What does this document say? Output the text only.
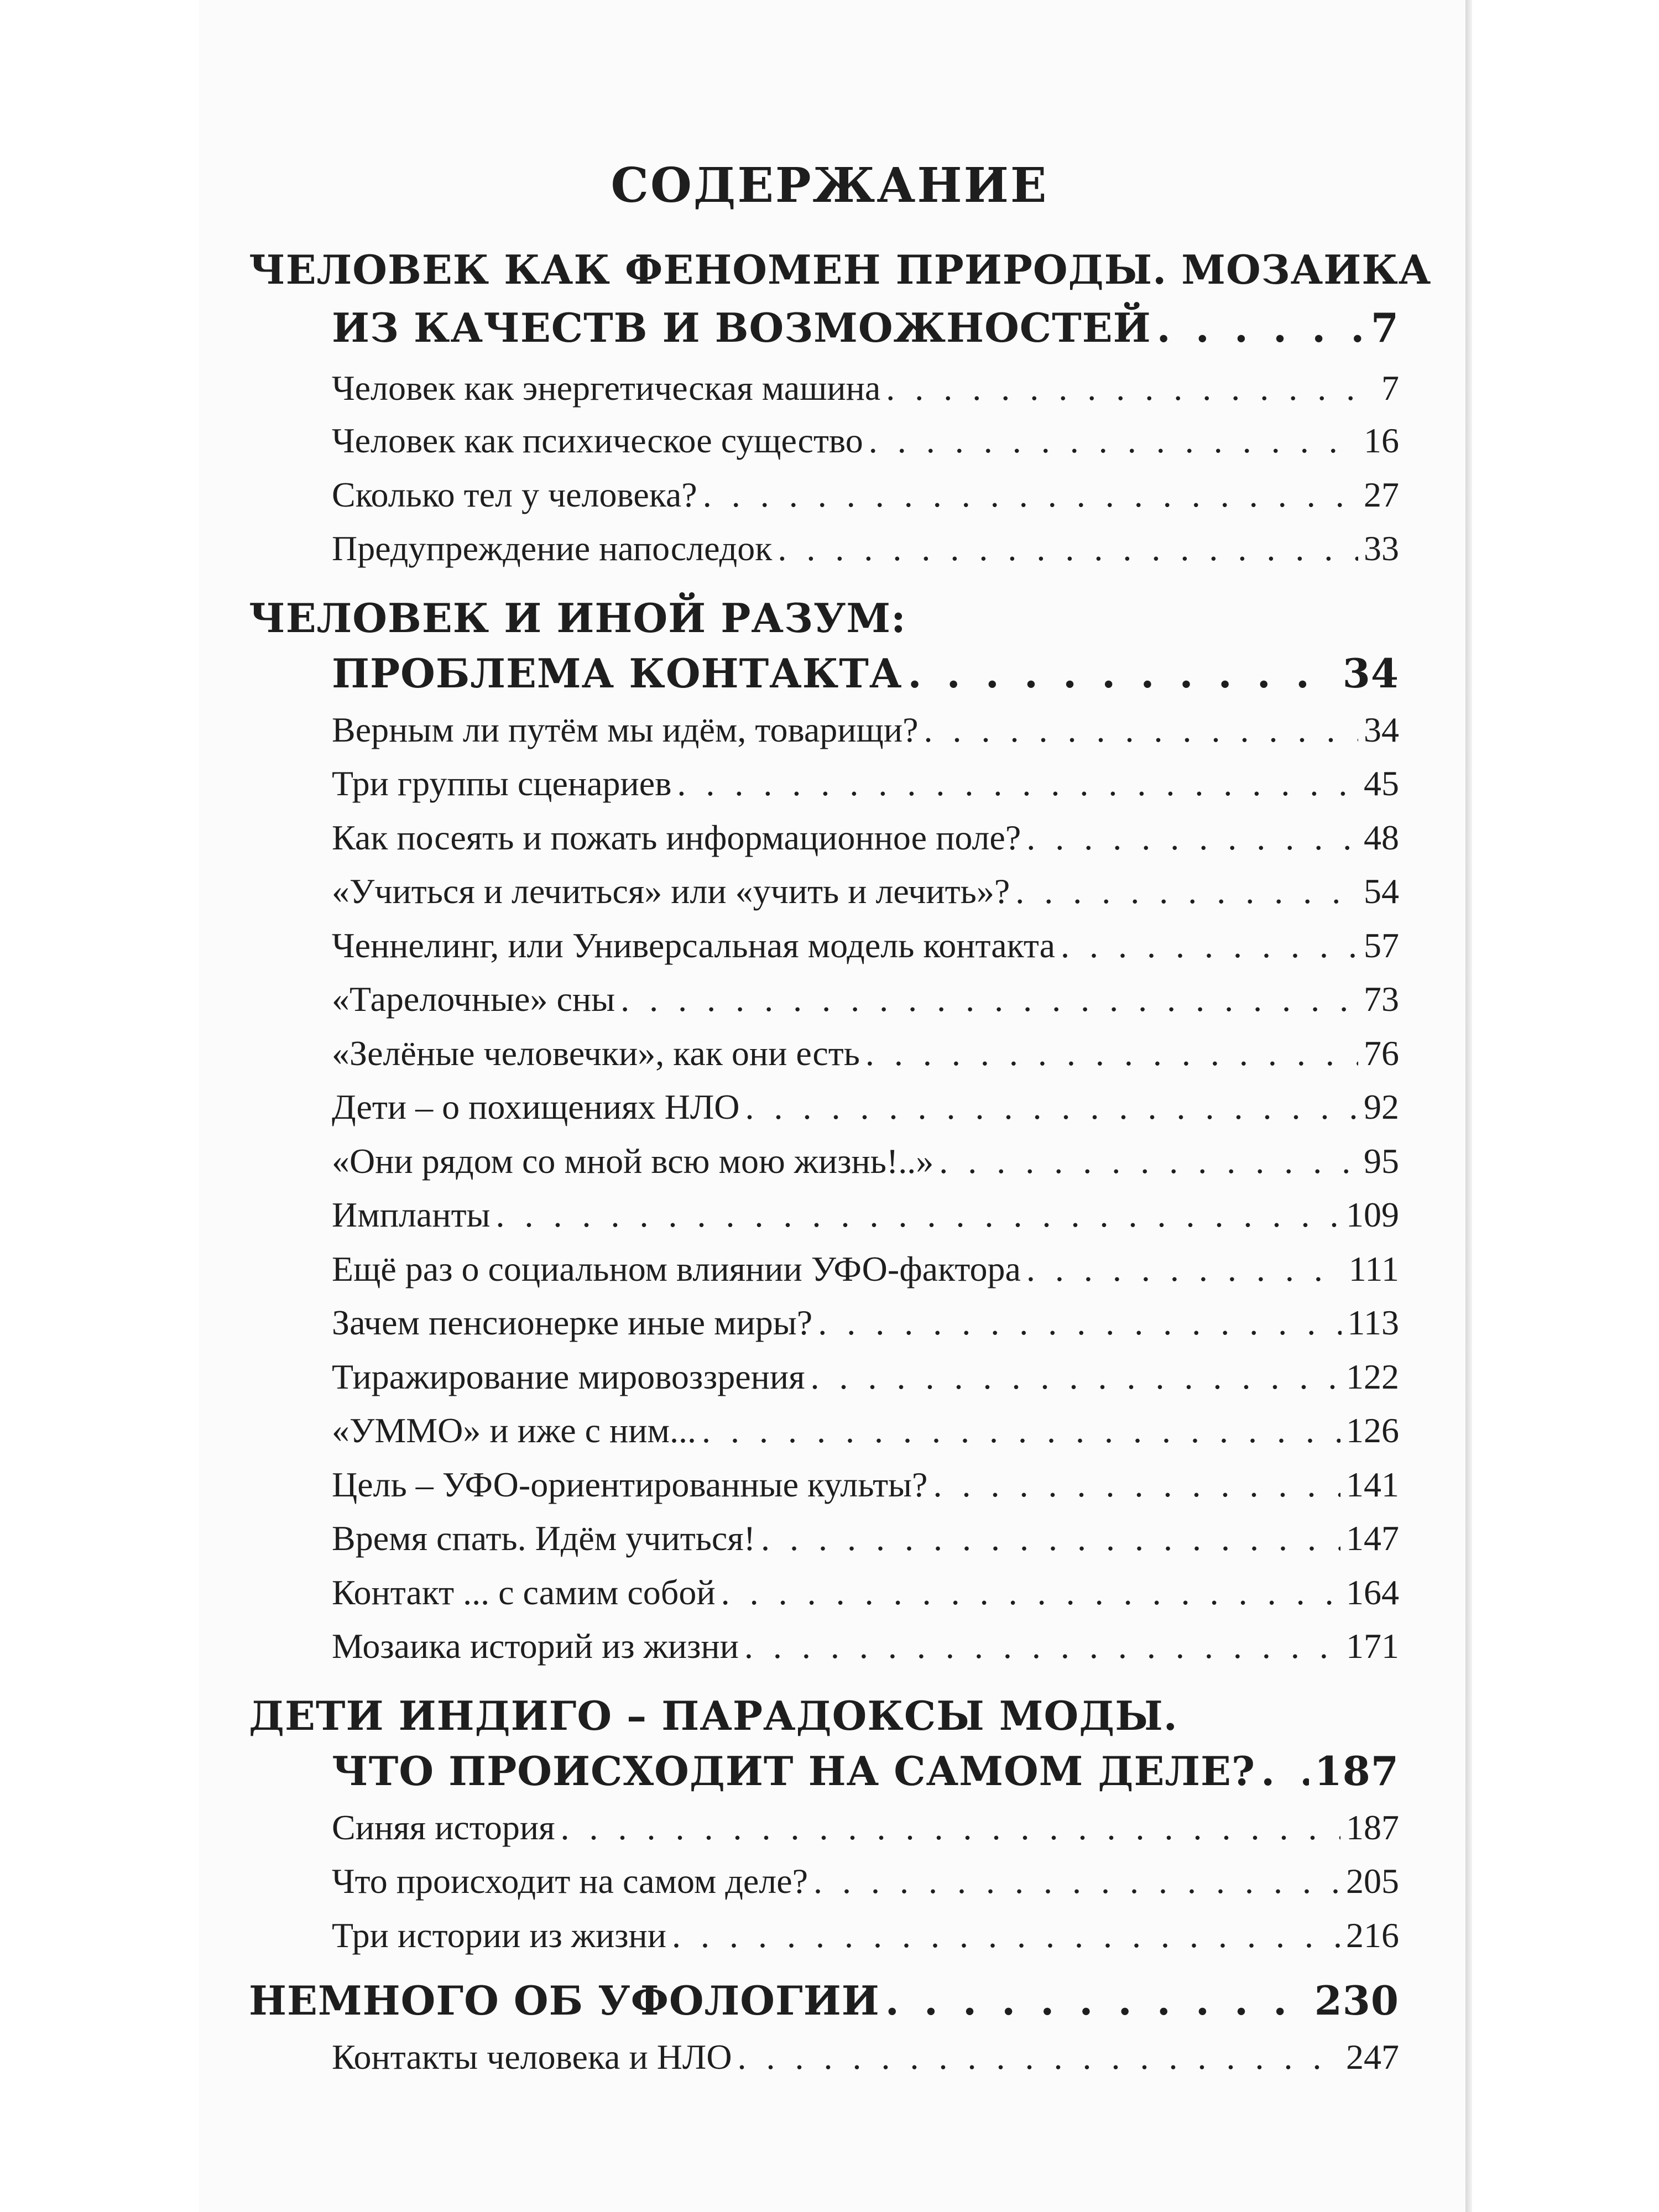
СОДЕРЖАНИЕ
ЧЕЛОВЕК КАК ФЕНОМЕН ПРИРОДЫ. МОЗАИКА
ИЗ КАЧЕСТВ И ВОЗМОЖНОСТЕЙ . . .	7
Человек как энергетическая машина . . .	7
Человек как психическое существо . . .	16
Сколько тел у человека? . . .	27
Предупреждение напоследок . . .	33
ЧЕЛОВЕК И ИНОЙ РАЗУМ:
ПРОБЛЕМА КОНТАКТА . . .	34
Верным ли путём мы идём, товарищи? . . .	34
Три группы сценариев . . .	45
Как посеять и пожать информационное поле? . . .	48
«Учиться и лечиться» или «учить и лечить»? . . .	54
Ченнелинг, или Универсальная модель контакта . . .	57
«Тарелочные» сны . . .	73
«Зелёные человечки», как они есть . . .	76
Дети – о похищениях НЛО . . .	92
«Они рядом со мной всю мою жизнь!..» . . .	95
Импланты . . .	109
Ещё раз о социальном влиянии УФО-фактора . . .	111
Зачем пенсионерке иные миры? . . .	113
Тиражирование мировоззрения . . .	122
«УММО» и иже с ним... . . .	126
Цель – УФО-ориентированные культы? . . .	141
Время спать. Идём учиться! . . .	147
Контакт ... с самим собой . . .	164
Мозаика историй из жизни . . .	171
ДЕТИ ИНДИГО – ПАРАДОКСЫ МОДЫ.
ЧТО ПРОИСХОДИТ НА САМОМ ДЕЛЕ? . . . 187
Синяя история . . .	187
Что происходит на самом деле? . . .	205
Три истории из жизни . . .	216
НЕМНОГО ОБ УФОЛОГИИ . . .	230
Контакты человека и НЛО . . .	247
